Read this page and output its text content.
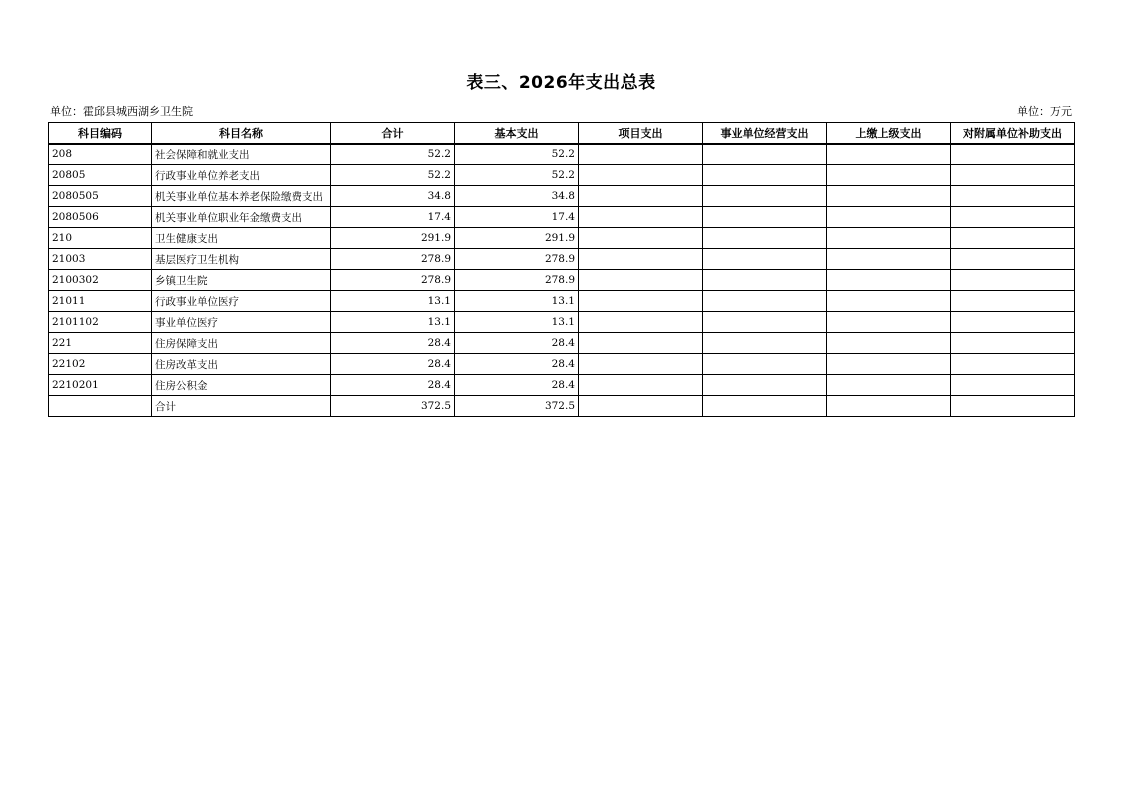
表三、2026年支出总表
单位：霍邱县城西湖乡卫生院	单位：万元
科目编码	科目名称	合计	基本支出	项目支出	事业单位经营支出	上缴上级支出	对附属单位补助支出
208	社会保障和就业支出	52.2	52.2				
20805	行政事业单位养老支出	52.2	52.2				
2080505	机关事业单位基本养老保险缴费支出	34.8	34.8				
2080506	机关事业单位职业年金缴费支出	17.4	17.4				
210	卫生健康支出	291.9	291.9				
21003	基层医疗卫生机构	278.9	278.9				
2100302	乡镇卫生院	278.9	278.9				
21011	行政事业单位医疗	13.1	13.1				
2101102	事业单位医疗	13.1	13.1				
221	住房保障支出	28.4	28.4				
22102	住房改革支出	28.4	28.4				
2210201	住房公积金	28.4	28.4				
	合计	372.5	372.5				
